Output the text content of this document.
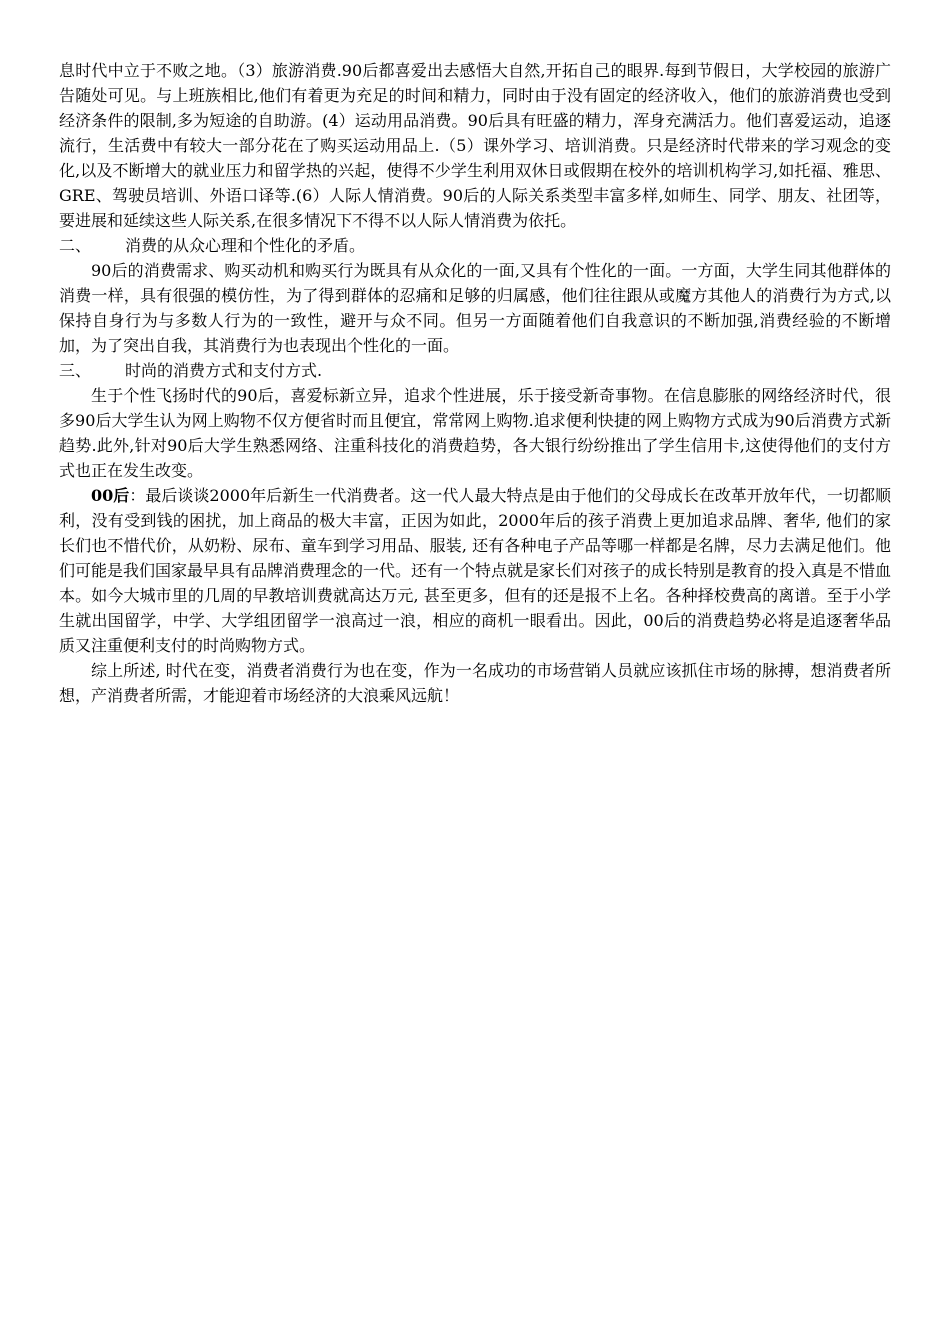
息时代中立于不败之地。（3）旅游消费.90后都喜爱出去感悟大自然,开拓自己的眼界.每到节假日，大学校园的旅游广告随处可见。与上班族相比,他们有着更为充足的时间和精力，同时由于没有固定的经济收入，他们的旅游消费也受到经济条件的限制,多为短途的自助游。(4）运动用品消费。90后具有旺盛的精力，浑身充满活力。他们喜爱运动，追逐流行，生活费中有较大一部分花在了购买运动用品上.（5）课外学习、培训消费。只是经济时代带来的学习观念的变化,以及不断增大的就业压力和留学热的兴起，使得不少学生利用双休日或假期在校外的培训机构学习,如托福、雅思、GRE、驾驶员培训、外语口译等.(6）人际人情消费。90后的人际关系类型丰富多样,如师生、同学、朋友、社团等，要进展和延续这些人际关系,在很多情况下不得不以人际人情消费为依托。

二、	消费的从众心理和个性化的矛盾。

90后的消费需求、购买动机和购买行为既具有从众化的一面,又具有个性化的一面。一方面，大学生同其他群体的消费一样，具有很强的模仿性，为了得到群体的忍痛和足够的归属感，他们往往跟从或魔方其他人的消费行为方式,以保持自身行为与多数人行为的一致性，避开与众不同。但另一方面随着他们自我意识的不断加强,消费经验的不断增加，为了突出自我，其消费行为也表现出个性化的一面。

三、	时尚的消费方式和支付方式.

生于个性飞扬时代的90后，喜爱标新立异，追求个性进展，乐于接受新奇事物。在信息膨胀的网络经济时代，很多90后大学生认为网上购物不仅方便省时而且便宜，常常网上购物.追求便利快捷的网上购物方式成为90后消费方式新趋势.此外,针对90后大学生熟悉网络、注重科技化的消费趋势，各大银行纷纷推出了学生信用卡,这使得他们的支付方式也正在发生改变。

00后：最后谈谈2000年后新生一代消费者。这一代人最大特点是由于他们的父母成长在改革开放年代，一切都顺利，没有受到钱的困扰，加上商品的极大丰富，正因为如此，2000年后的孩子消费上更加追求品牌、奢华, 他们的家长们也不惜代价，从奶粉、尿布、童车到学习用品、服装, 还有各种电子产品等哪一样都是名牌，尽力去满足他们。他们可能是我们国家最早具有品牌消费理念的一代。还有一个特点就是家长们对孩子的成长特别是教育的投入真是不惜血本。如今大城市里的几周的早教培训费就高达万元, 甚至更多，但有的还是报不上名。各种择校费高的离谱。至于小学生就出国留学，中学、大学组团留学一浪高过一浪，相应的商机一眼看出。因此，00后的消费趋势必将是追逐奢华品质又注重便利支付的时尚购物方式。

综上所述, 时代在变，消费者消费行为也在变，作为一名成功的市场营销人员就应该抓住市场的脉搏，想消费者所想，产消费者所需，才能迎着市场经济的大浪乘风远航！
